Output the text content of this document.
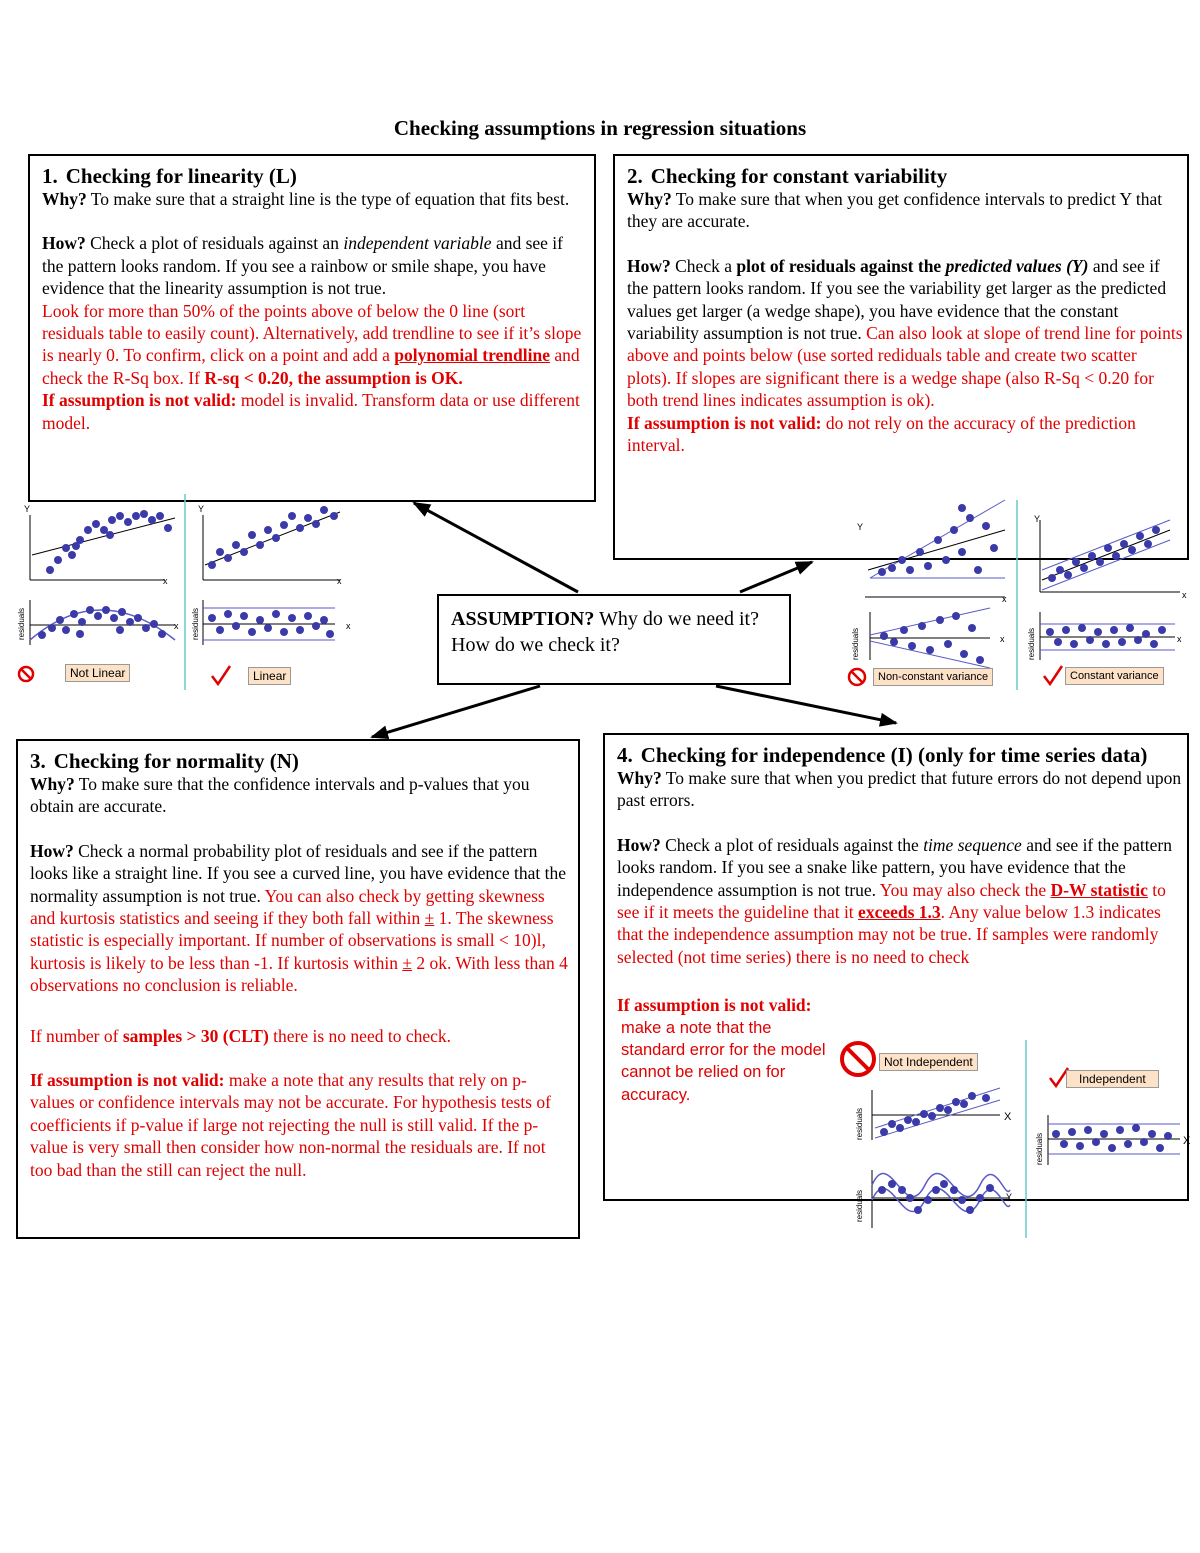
Checking assumptions in regression situations
1. Checking for linearity (L)

Why? To make sure that a straight line is the type of equation that fits best.

How? Check a plot of residuals against an independent variable and see if the pattern looks random. If you see a rainbow or smile shape, you have evidence that the linearity assumption is not true.

Look for more than 50% of the points above of below the 0 line (sort residuals table to easily count). Alternatively, add trendline to see if it’s slope is nearly 0. To confirm, click on a point and add a polynomial trendline and check the R-Sq box. If R-sq < 0.20, the assumption is OK.

If assumption is not valid: model is invalid. Transform data or use different model.

2. Checking for constant variability

Why? To make sure that when you get confidence intervals to predict Y that they are accurate.

How? Check a plot of residuals against the predicted values (Y) and see if the pattern looks random. If you see the variability get larger as the predicted values get larger (a wedge shape), you have evidence that the constant variability assumption is not true. Can also look at slope of trend line for points above and points below (use sorted rediduals table and create two scatter plots). If slopes are significant there is a wedge shape (also R-Sq < 0.20 for both trend lines indicates assumption is ok).

If assumption is not valid: do not rely on the accuracy of the prediction interval.

3. Checking for normality (N)

Why? To make sure that the confidence intervals and p-values that you obtain are accurate.

How? Check a normal probability plot of residuals and see if the pattern looks like a straight line. If you see a curved line, you have evidence that the normality assumption is not true. You can also check by getting skewness and kurtosis statistics and seeing if they both fall within ± 1. The skewness statistic is especially important. If number of observations is small < 10)l, kurtosis is likely to be less than -1. If kurtosis within ± 2 ok. With less than 4 observations no conclusion is reliable.

If number of samples > 30 (CLT) there is no need to check.

If assumption is not valid: make a note that any results that rely on p-values or confidence intervals may not be accurate. For hypothesis tests of coefficients if p-value if large not rejecting the null is still valid. If the p-value is very small then consider how non-normal the residuals are. If not too bad than the still can reject the null.

4. Checking for independence (I) (only for time series data)

Why? To make sure that when you predict that future errors do not depend upon past errors.

How? Check a plot of residuals against the time sequence and see if the pattern looks random. If you see a snake like pattern, you have evidence that the independence assumption is not true. You may also check the D-W statistic to see if it meets the guideline that it exceeds 1.3. Any value below 1.3 indicates that the independence assumption may not be true. If samples were randomly selected (not time series) there is no need to check

If assumption is not valid:
make a note that the standard error for the model cannot be relied on for accuracy.
ASSUMPTION? Why do we need it? How do we check it?
Y	Y
x	x
x	x
residuals	residuals
Y
Y
x	x
x	x
residuals	residuals
X
X
Y
residuals
residuals
residuals
Not Linear	Linear	Non-constant variance	Constant variance
Not Independent
Independent
